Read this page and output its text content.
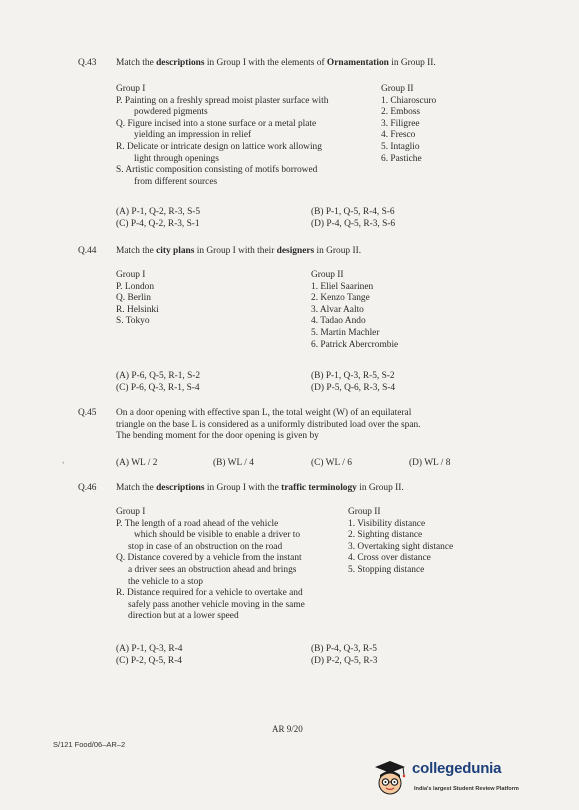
Q.43 Match the descriptions in Group I with the elements of Ornamentation in Group II.
Group I
P. Painting on a freshly spread moist plaster surface with
powdered pigments
Q. Figure incised into a stone surface or a metal plate
yielding an impression in relief
R. Delicate or intricate design on lattice work allowing
light through openings
S. Artistic composition consisting of motifs borrowed
from different sources
Group II
1. Chiaroscuro
2. Emboss
3. Filigree
4. Fresco
5. Intaglio
6. Pastiche
(A) P-1, Q-2, R-3, S-5	(B) P-1, Q-5, R-4, S-6
(C) P-4, Q-2, R-3, S-1	(D) P-4, Q-5, R-3, S-6
Q.44 Match the city plans in Group I with their designers in Group II.
Group I
P. London
Q. Berlin
R. Helsinki
S. Tokyo
Group II
1. Eliel Saarinen
2. Kenzo Tange
3. Alvar Aalto
4. Tadao Ando
5. Martin Machler
6. Patrick Abercrombie
(A) P-6, Q-5, R-1, S-2	(B) P-1, Q-3, R-5, S-2
(C) P-6, Q-3, R-1, S-4	(D) P-5, Q-6, R-3, S-4
Q.45 On a door opening with effective span L, the total weight (W) of an equilateral
triangle on the base L is considered as a uniformly distributed load over the span.
The bending moment for the door opening is given by
‘	(A) WL / 2	(B) WL / 4	(C) WL / 6	(D) WL / 8
Q.46 Match the descriptions in Group I with the traffic terminology in Group II.
Group I
P. The length of a road ahead of the vehicle
which should be visible to enable a driver to
stop in case of an obstruction on the road
Q. Distance covered by a vehicle from the instant
a driver sees an obstruction ahead and brings
the vehicle to a stop
R. Distance required for a vehicle to overtake and
safely pass another vehicle moving in the same
direction but at a lower speed
Group II
1. Visibility distance
2. Sighting distance
3. Overtaking sight distance
4. Cross over distance
5. Stopping distance
(A) P-1, Q-3, R-4	(B) P-4, Q-3, R-5
(C) P-2, Q-5, R-4	(D) P-2, Q-5, R-3
AR 9/20
S/121 Food/06–AR–2
collegedunia
India's largest Student Review Platform
